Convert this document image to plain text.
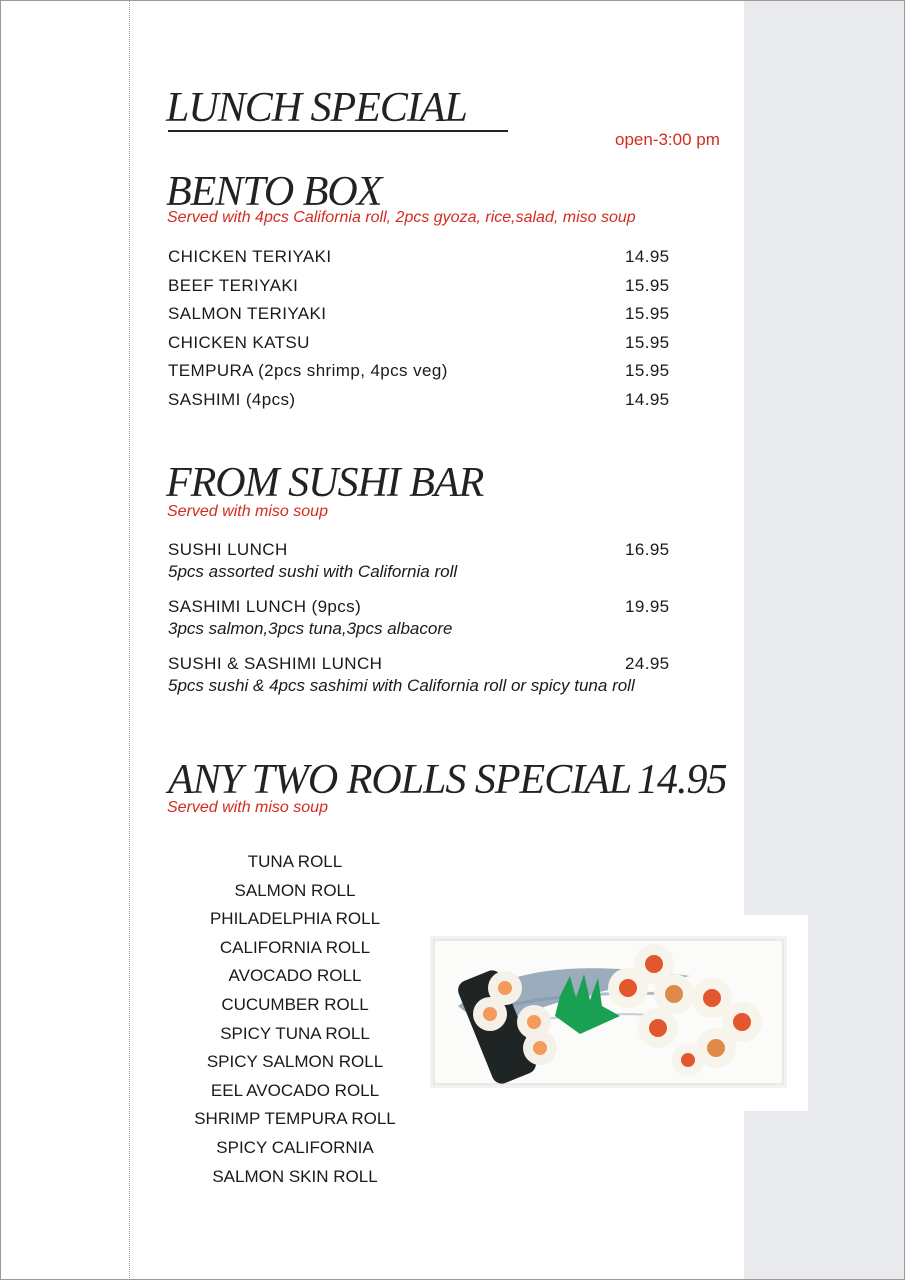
LUNCH SPECIAL
open-3:00 pm
BENTO BOX

Served with 4pcs California roll, 2pcs gyoza, rice,salad, miso soup

CHICKEN TERIYAKI	14.95
BEEF TERIYAKI	15.95
SALMON TERIYAKI	15.95
CHICKEN KATSU	15.95
TEMPURA (2pcs shrimp, 4pcs veg)	15.95
SASHIMI (4pcs)	14.95
FROM SUSHI BAR

Served with miso soup

SUSHI LUNCH	16.95
5pcs assorted sushi with California roll
SASHIMI LUNCH (9pcs)	19.95
3pcs salmon,3pcs tuna,3pcs albacore
SUSHI & SASHIMI LUNCH	24.95
5pcs sushi & 4pcs sashimi with California roll or spicy tuna roll
ANY TWO ROLLS SPECIAL 14.95

Served with miso soup

TUNA ROLL
SALMON ROLL
PHILADELPHIA ROLL
CALIFORNIA ROLL
AVOCADO ROLL
CUCUMBER ROLL
SPICY TUNA ROLL
SPICY SALMON ROLL
EEL AVOCADO ROLL
SHRIMP TEMPURA ROLL
SPICY CALIFORNIA
SALMON SKIN ROLL
